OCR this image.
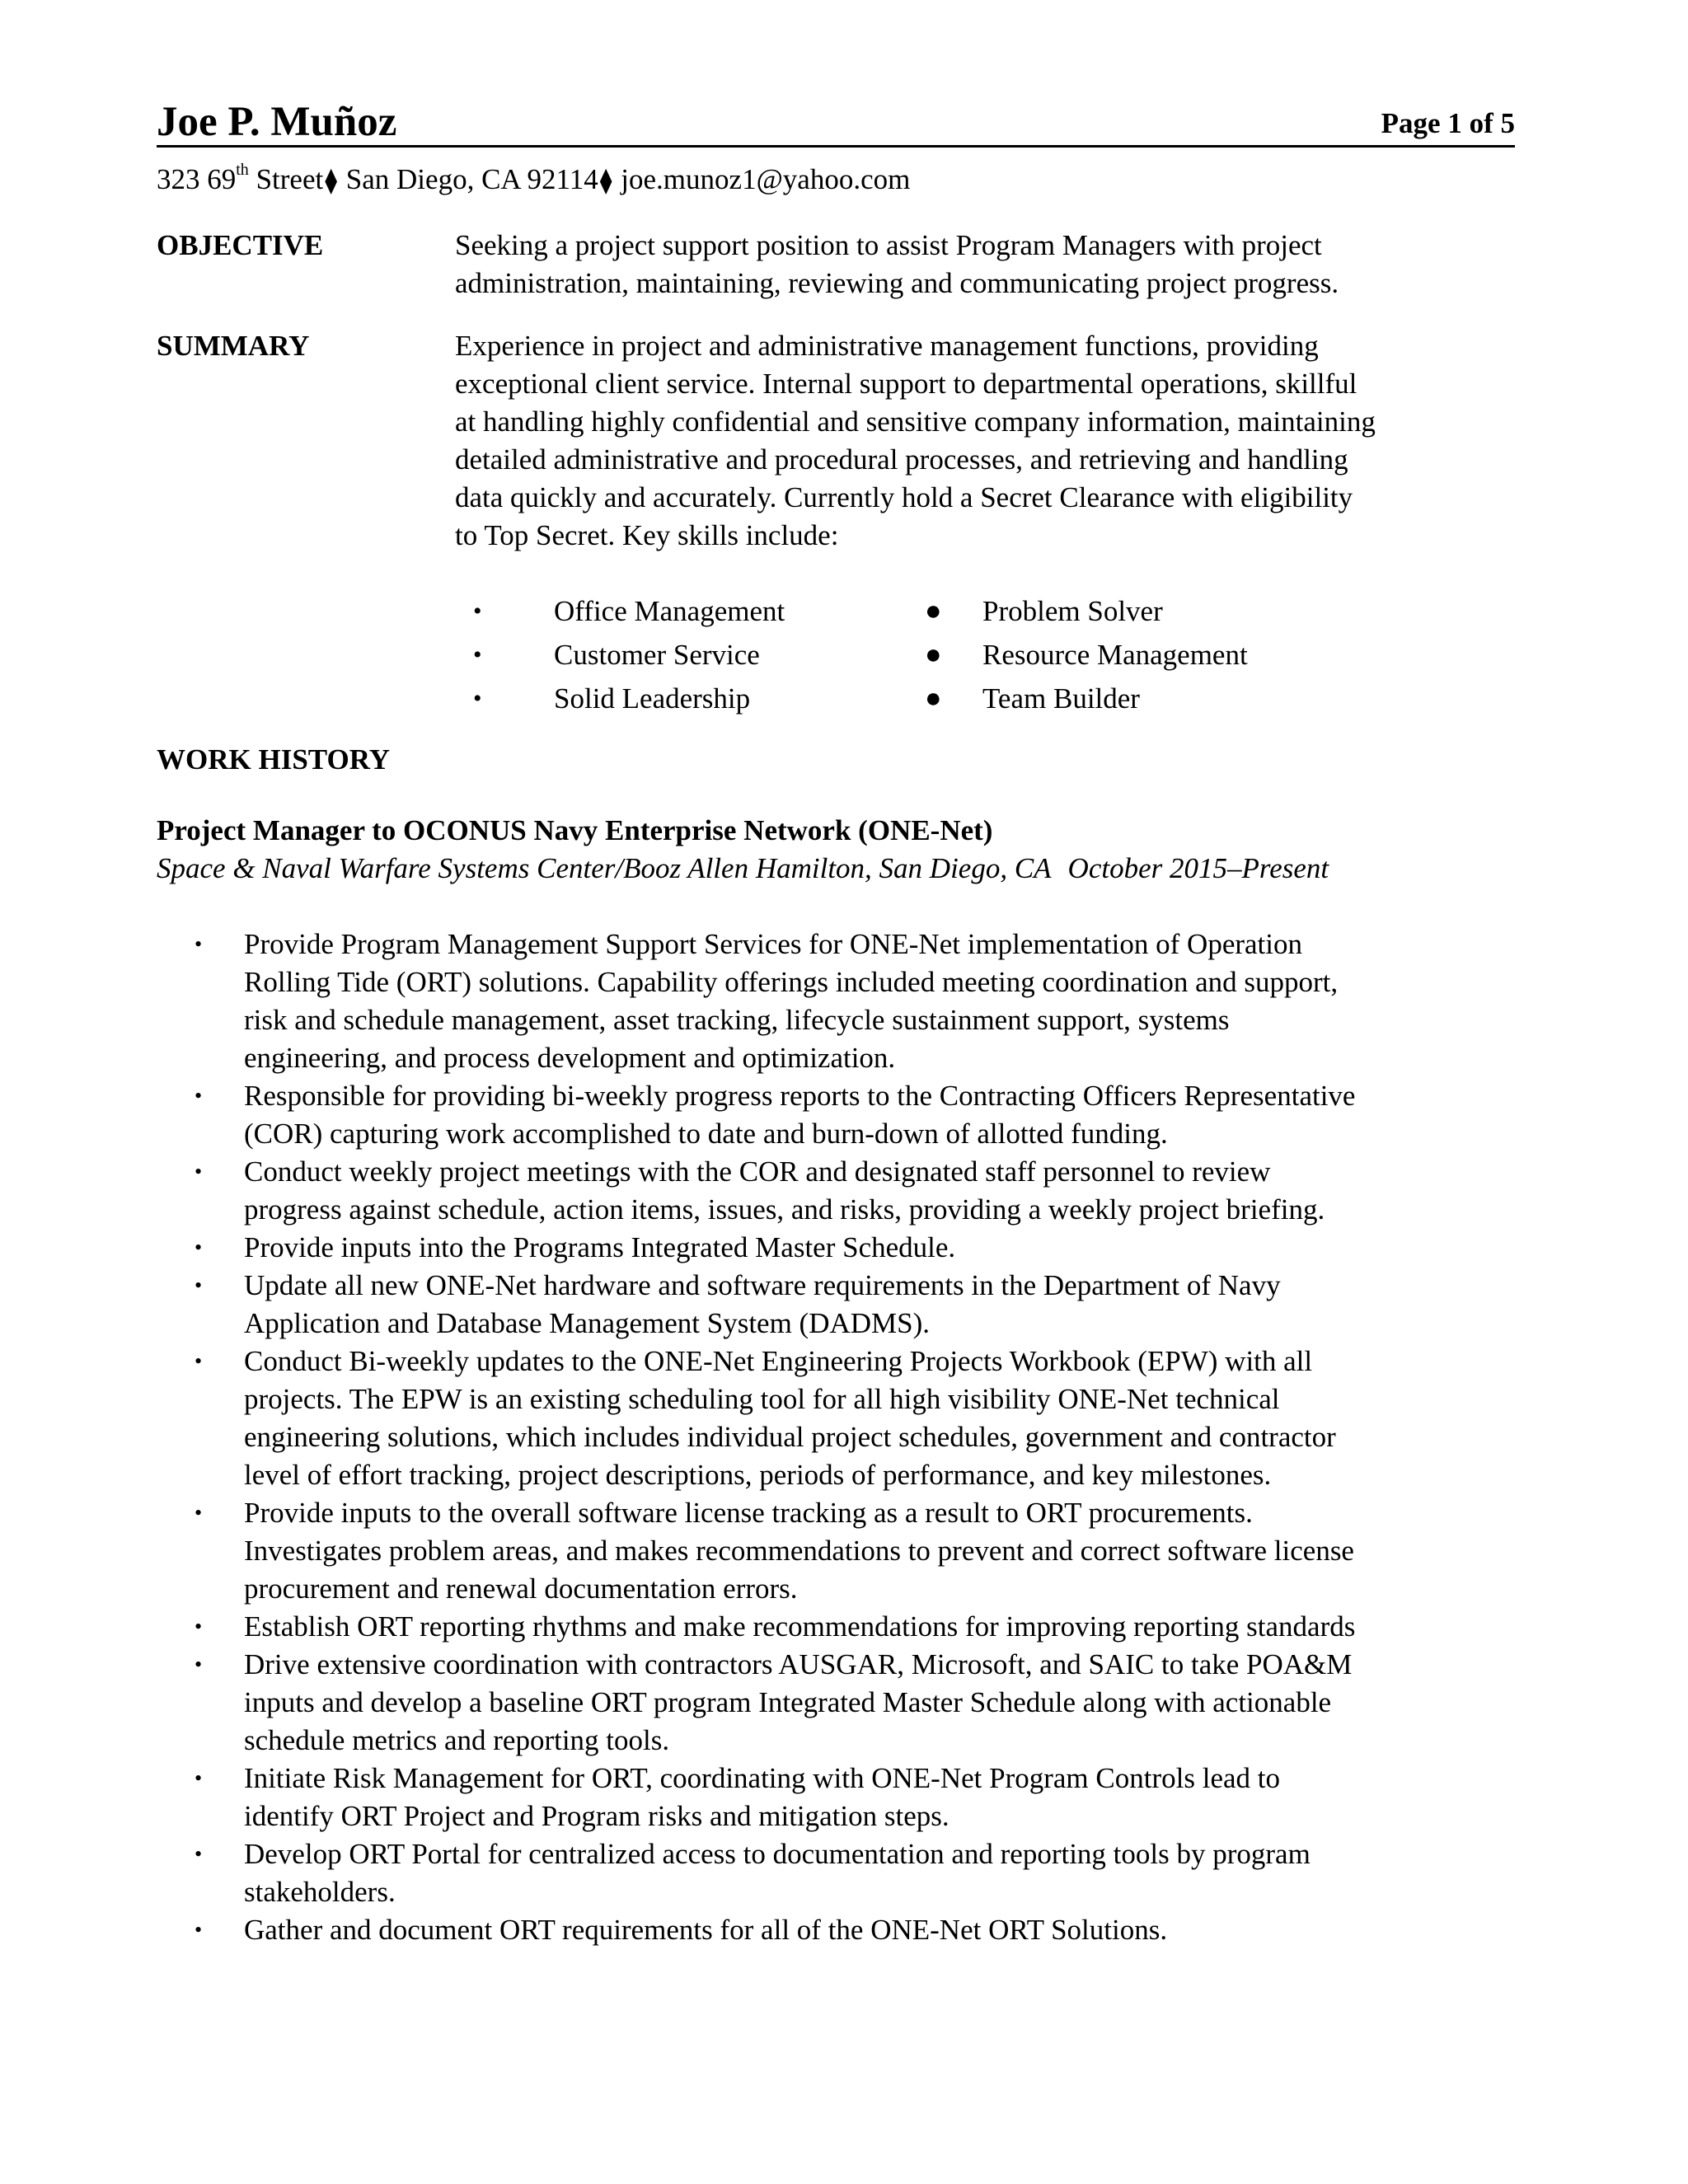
Joe P. Muñoz	Page 1 of 5
323 69th Street⧫ San Diego, CA 92114⧫ joe.munoz1@yahoo.com
OBJECTIVE	Seeking a project support position to assist Program Managers with project
administration, maintaining, reviewing and communicating project progress.
SUMMARY	Experience in project and administrative management functions, providing
exceptional client service. Internal support to departmental operations, skillful
at handling highly confidential and sensitive company information, maintaining
detailed administrative and procedural processes, and retrieving and handling
data quickly and accurately. Currently hold a Secret Clearance with eligibility
to Top Secret. Key skills include:
• Office Management	● Problem Solver
• Customer Service	● Resource Management
• Solid Leadership	● Team Builder
WORK HISTORY
Project Manager to OCONUS Navy Enterprise Network (ONE-Net)
Space & Naval Warfare Systems Center/Booz Allen Hamilton, San Diego, CA October 2015–Present
• Provide Program Management Support Services for ONE-Net implementation of Operation
Rolling Tide (ORT) solutions. Capability offerings included meeting coordination and support,
risk and schedule management, asset tracking, lifecycle sustainment support, systems
engineering, and process development and optimization.
• Responsible for providing bi-weekly progress reports to the Contracting Officers Representative
(COR) capturing work accomplished to date and burn-down of allotted funding.
• Conduct weekly project meetings with the COR and designated staff personnel to review
progress against schedule, action items, issues, and risks, providing a weekly project briefing.
• Provide inputs into the Programs Integrated Master Schedule.
• Update all new ONE-Net hardware and software requirements in the Department of Navy
Application and Database Management System (DADMS).
• Conduct Bi-weekly updates to the ONE-Net Engineering Projects Workbook (EPW) with all
projects. The EPW is an existing scheduling tool for all high visibility ONE-Net technical
engineering solutions, which includes individual project schedules, government and contractor
level of effort tracking, project descriptions, periods of performance, and key milestones.
• Provide inputs to the overall software license tracking as a result to ORT procurements.
Investigates problem areas, and makes recommendations to prevent and correct software license
procurement and renewal documentation errors.
• Establish ORT reporting rhythms and make recommendations for improving reporting standards
• Drive extensive coordination with contractors AUSGAR, Microsoft, and SAIC to take POA&M
inputs and develop a baseline ORT program Integrated Master Schedule along with actionable
schedule metrics and reporting tools.
• Initiate Risk Management for ORT, coordinating with ONE-Net Program Controls lead to
identify ORT Project and Program risks and mitigation steps.
• Develop ORT Portal for centralized access to documentation and reporting tools by program
stakeholders.
• Gather and document ORT requirements for all of the ONE-Net ORT Solutions.
